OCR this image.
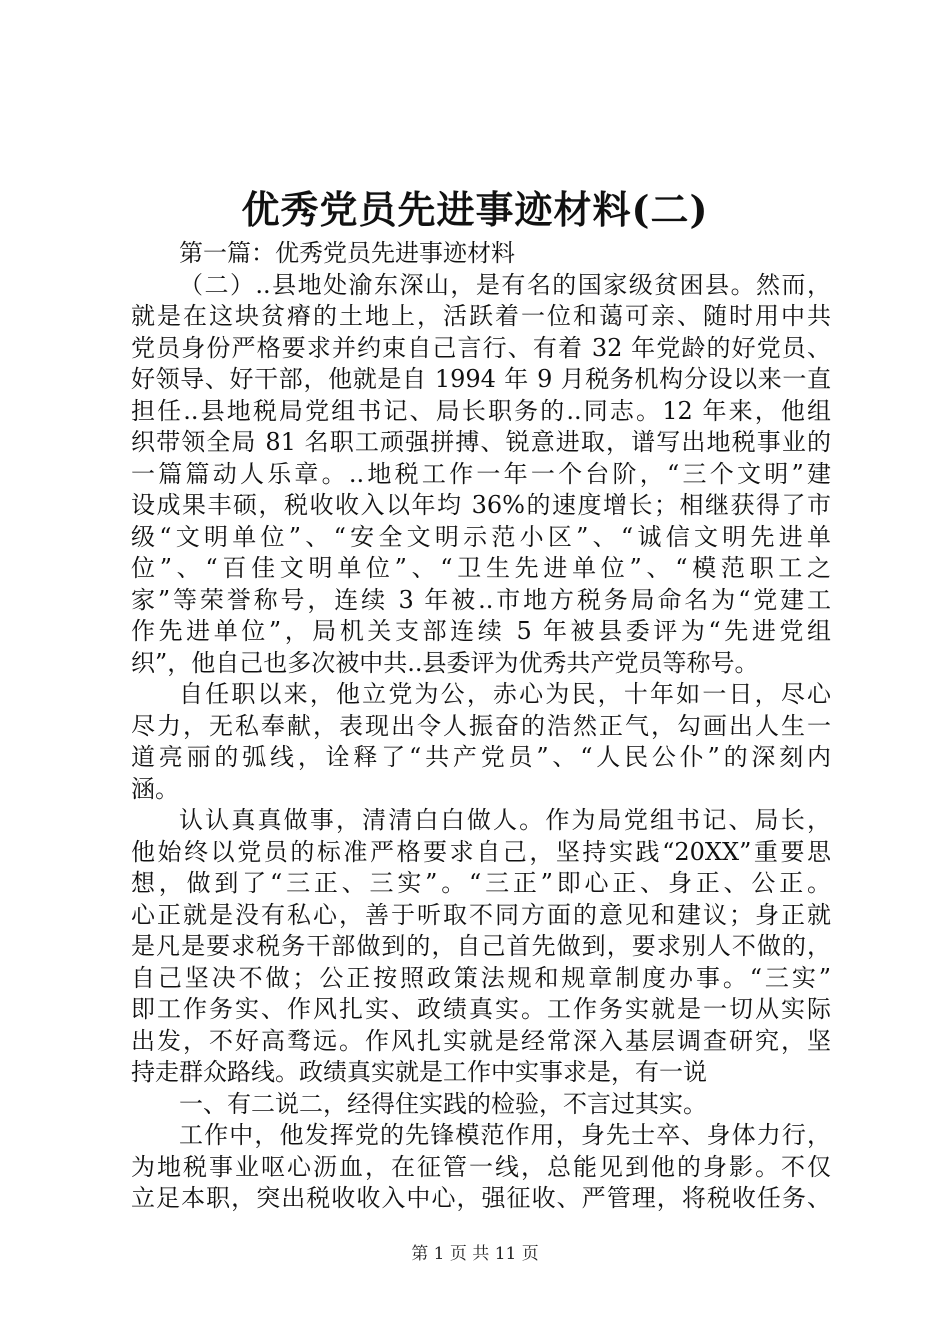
优秀党员先进事迹材料(二)
第一篇：优秀党员先进事迹材料
（二）..县地处渝东深山，是有名的国家级贫困县。然而，
就是在这块贫瘠的土地上，活跃着一位和蔼可亲、随时用中共
党员身份严格要求并约束自己言行、有着 32 年党龄的好党员、
好领导、好干部，他就是自 1994 年 9 月税务机构分设以来一直
担任..县地税局党组书记、局长职务的..同志。12 年来，他组
织带领全局 81 名职工顽强拼搏、锐意进取，谱写出地税事业的
一篇篇动人乐章。..地税工作一年一个台阶，“三个文明”建
设成果丰硕，税收收入以年均 36%的速度增长；相继获得了市
级“文明单位”、“安全文明示范小区”、“诚信文明先进单
位”、“百佳文明单位”、“卫生先进单位”、“模范职工之
家”等荣誉称号，连续 3 年被..市地方税务局命名为“党建工
作先进单位”，局机关支部连续 5 年被县委评为“先进党组
织”，他自己也多次被中共..县委评为优秀共产党员等称号。
自任职以来，他立党为公，赤心为民，十年如一日，尽心
尽力，无私奉献，表现出令人振奋的浩然正气，勾画出人生一
道亮丽的弧线，诠释了“共产党员”、“人民公仆”的深刻内
涵。
认认真真做事，清清白白做人。作为局党组书记、局长，
他始终以党员的标准严格要求自己，坚持实践“20XX”重要思
想，做到了“三正、三实”。“三正”即心正、身正、公正。
心正就是没有私心，善于听取不同方面的意见和建议；身正就
是凡是要求税务干部做到的，自己首先做到，要求别人不做的，
自己坚决不做；公正按照政策法规和规章制度办事。“三实”
即工作务实、作风扎实、政绩真实。工作务实就是一切从实际
出发，不好高骛远。作风扎实就是经常深入基层调查研究，坚
持走群众路线。政绩真实就是工作中实事求是，有一说
一、有二说二，经得住实践的检验，不言过其实。
工作中，他发挥党的先锋模范作用，身先士卒、身体力行，
为地税事业呕心沥血，在征管一线，总能见到他的身影。不仅
立足本职，突出税收收入中心，强征收、严管理，将税收任务、
第 1 页 共 11 页
